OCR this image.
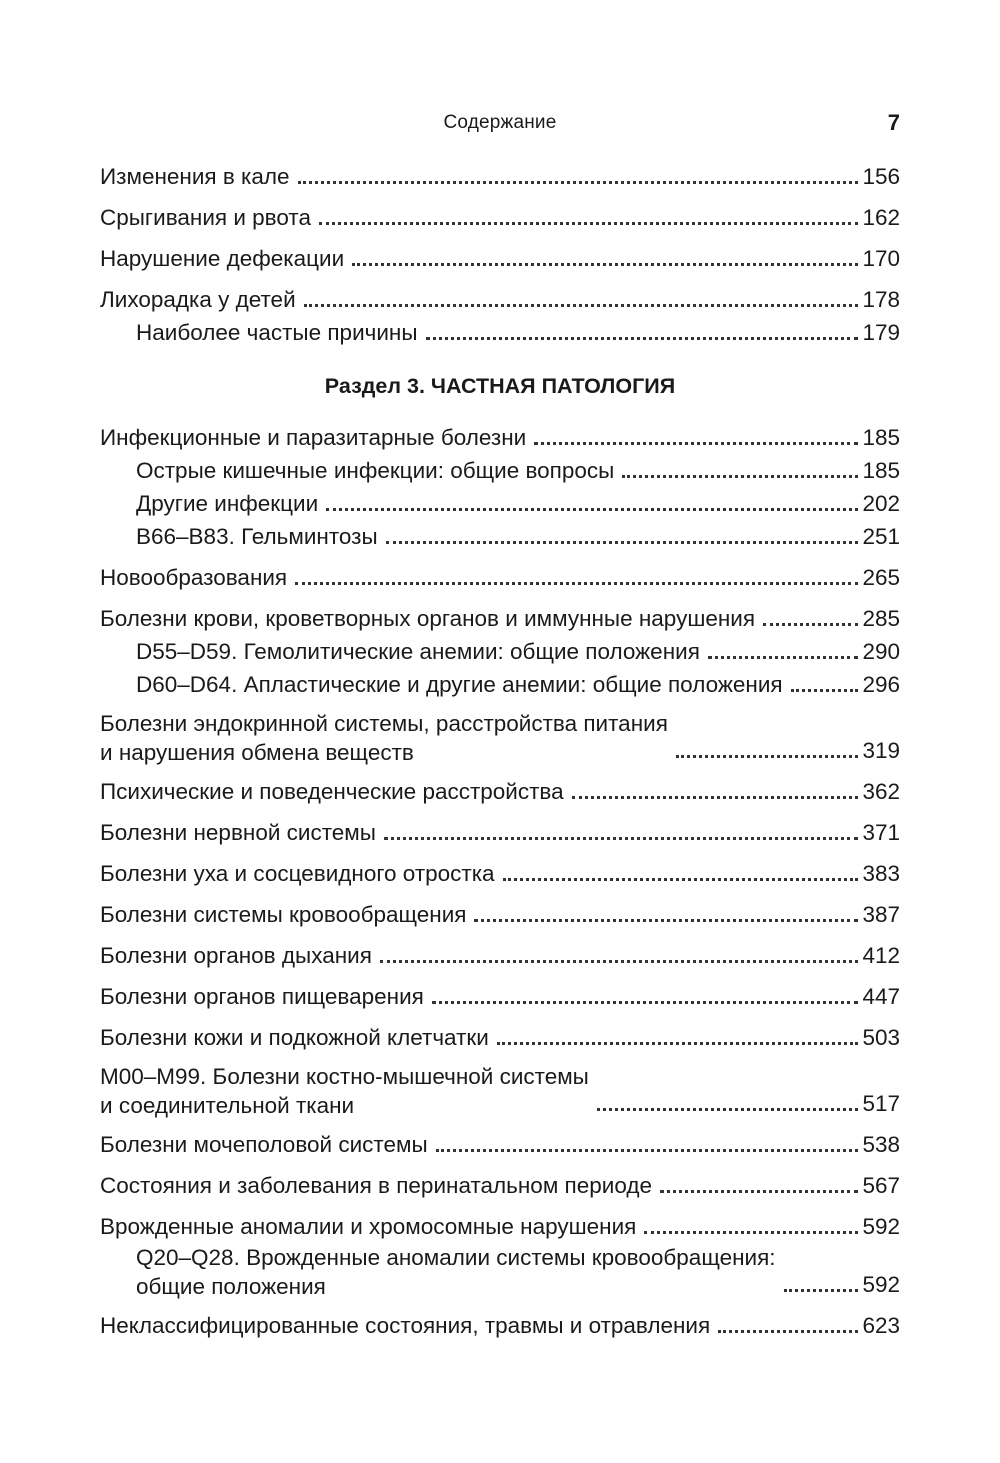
Содержание	7
Изменения в кале	156
Срыгивания и рвота	162
Нарушение дефекации	170
Лихорадка у детей	178
Наиболее частые причины	179
Раздел 3. ЧАСТНАЯ ПАТОЛОГИЯ
Инфекционные и паразитарные болезни	185
Острые кишечные инфекции: общие вопросы	185
Другие инфекции	202
B66–B83. Гельминтозы	251
Новообразования	265
Болезни крови, кроветворных органов и иммунные нарушения	285
D55–D59. Гемолитические анемии: общие положения	290
D60–D64. Апластические и другие анемии: общие положения	296
Болезни эндокринной системы, расстройства питания
и нарушения обмена веществ	319
Психические и поведенческие расстройства	362
Болезни нервной системы	371
Болезни уха и сосцевидного отростка	383
Болезни системы кровообращения	387
Болезни органов дыхания	412
Болезни органов пищеварения	447
Болезни кожи и подкожной клетчатки	503
M00–M99. Болезни костно-мышечной системы
и соединительной ткани	517
Болезни мочеполовой системы	538
Состояния и заболевания в перинатальном периоде	567
Врожденные аномалии и хромосомные нарушения	592
Q20–Q28. Врожденные аномалии системы кровообращения:
общие положения	592
Неклассифицированные состояния, травмы и отравления	623
